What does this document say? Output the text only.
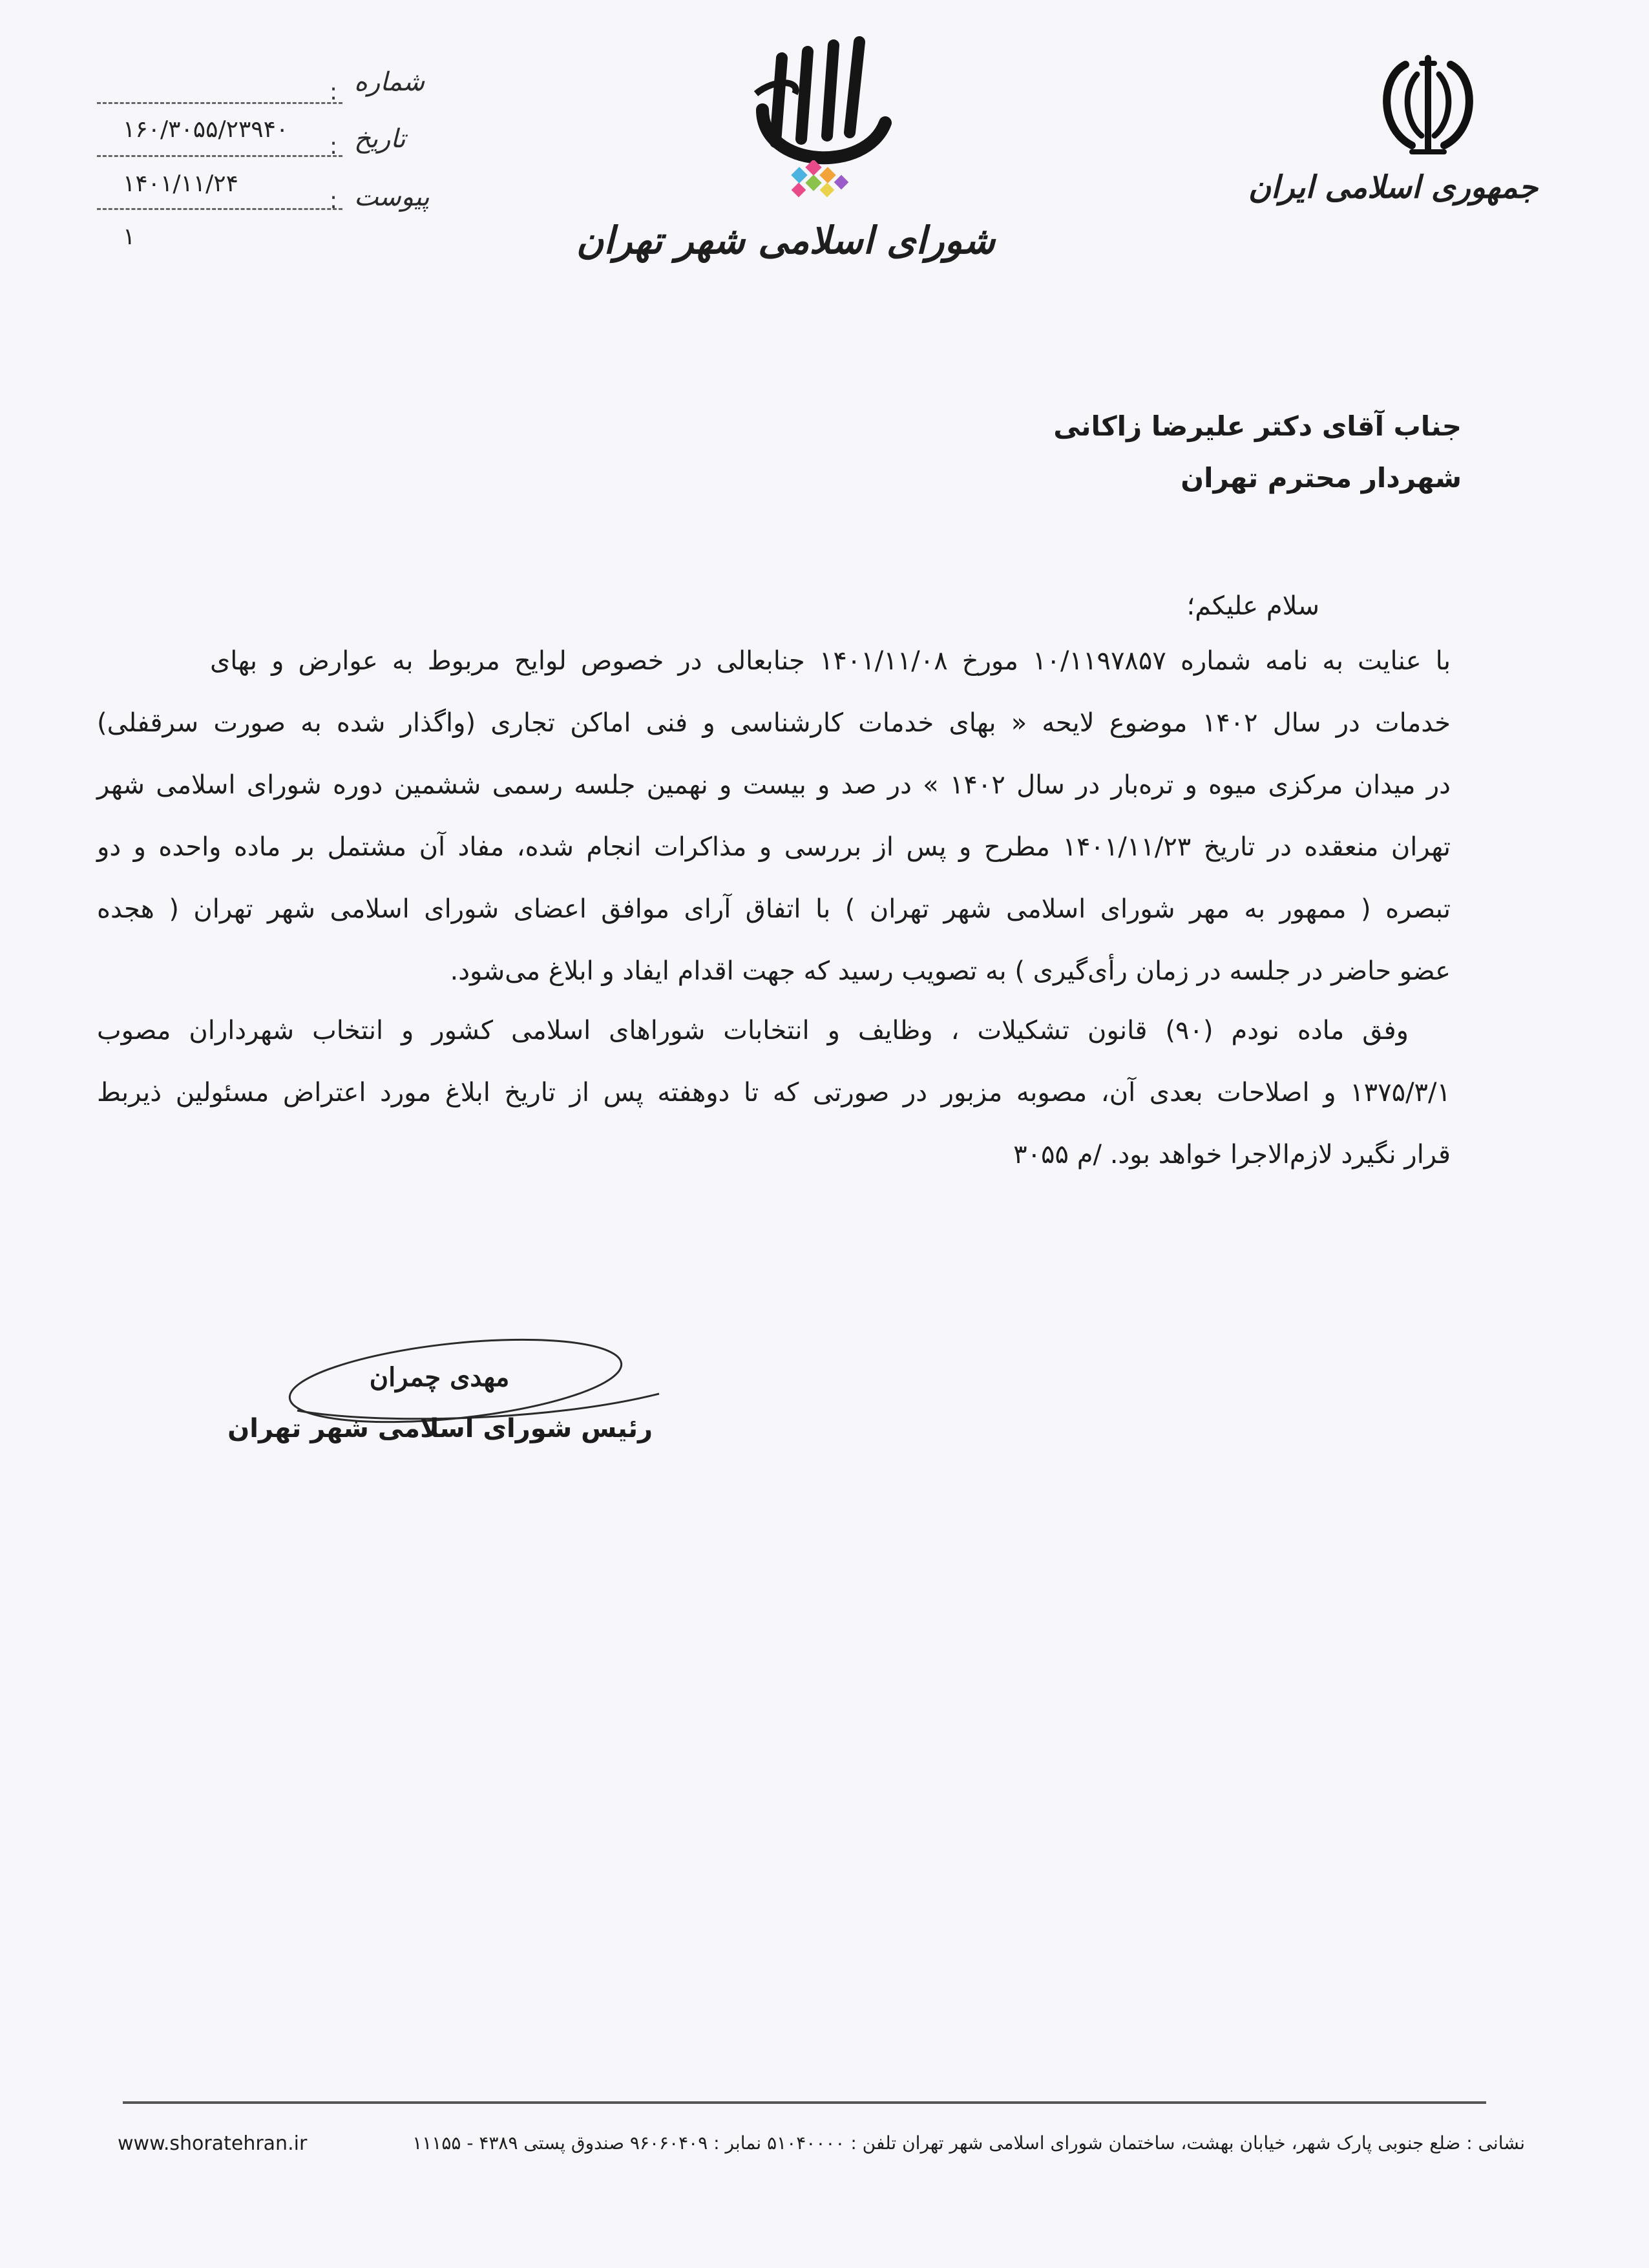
: شماره
۱۶۰/۳۰۵۵/۲۳۹۴۰
: تاریخ
۱۴۰۱/۱۱/۲۴
: پیوست
۱	شورای اسلامی شهر تهران
جمهوری اسلامی ایران
جناب آقای دکتر علیرضا زاکانی
شهردار محترم تهران
سلام علیکم؛
با عنایت به نامه شماره ۱۰/۱۱۹۷۸۵۷ مورخ ۱۴۰۱/۱۱/۰۸ جنابعالی در خصوص لوایح مربوط به عوارض و بهای
خدمات در سال ۱۴۰۲ موضوع لایحه « بهای خدمات کارشناسی و فنی اماکن تجاری (واگذار شده به صورت سرقفلی)
در میدان مرکزی میوه و تره‌بار در سال ۱۴۰۲ » در صد و بیست و نهمین جلسه رسمی ششمین دوره شورای اسلامی شهر
تهران منعقده در تاریخ ۱۴۰۱/۱۱/۲۳ مطرح و پس از بررسی و مذاکرات انجام شده، مفاد آن مشتمل بر ماده واحده و دو
تبصره ( ممهور به مهر شورای اسلامی شهر تهران ) با اتفاق آرای موافق اعضای شورای اسلامی شهر تهران ( هجده
عضو حاضر در جلسه در زمان رأی‌گیری ) به تصویب رسید که جهت اقدام ایفاد و ابلاغ می‌شود.
وفق ماده نودم (۹۰) قانون تشکیلات ، وظایف و انتخابات شوراهای اسلامی کشور و انتخاب شهرداران مصوب
۱۳۷۵/۳/۱ و اصلاحات بعدی آن، مصوبه مزبور در صورتی که تا دوهفته پس از تاریخ ابلاغ مورد اعتراض مسئولین ذیربط
قرار نگیرد لازم‌الاجرا خواهد بود. /م ۳۰۵۵
مهدی چمران
رئیس شورای اسلامی شهر تهران
نشانی : ضلع جنوبی پارک شهر، خیابان بهشت، ساختمان شورای اسلامی شهر تهران تلفن : ۵۱۰۴۰۰۰۰ نمابر : ۹۶۰۶۰۴۰۹ صندوق پستی ۴۳۸۹ - ۱۱۱۵۵
www.shoratehran.ir
